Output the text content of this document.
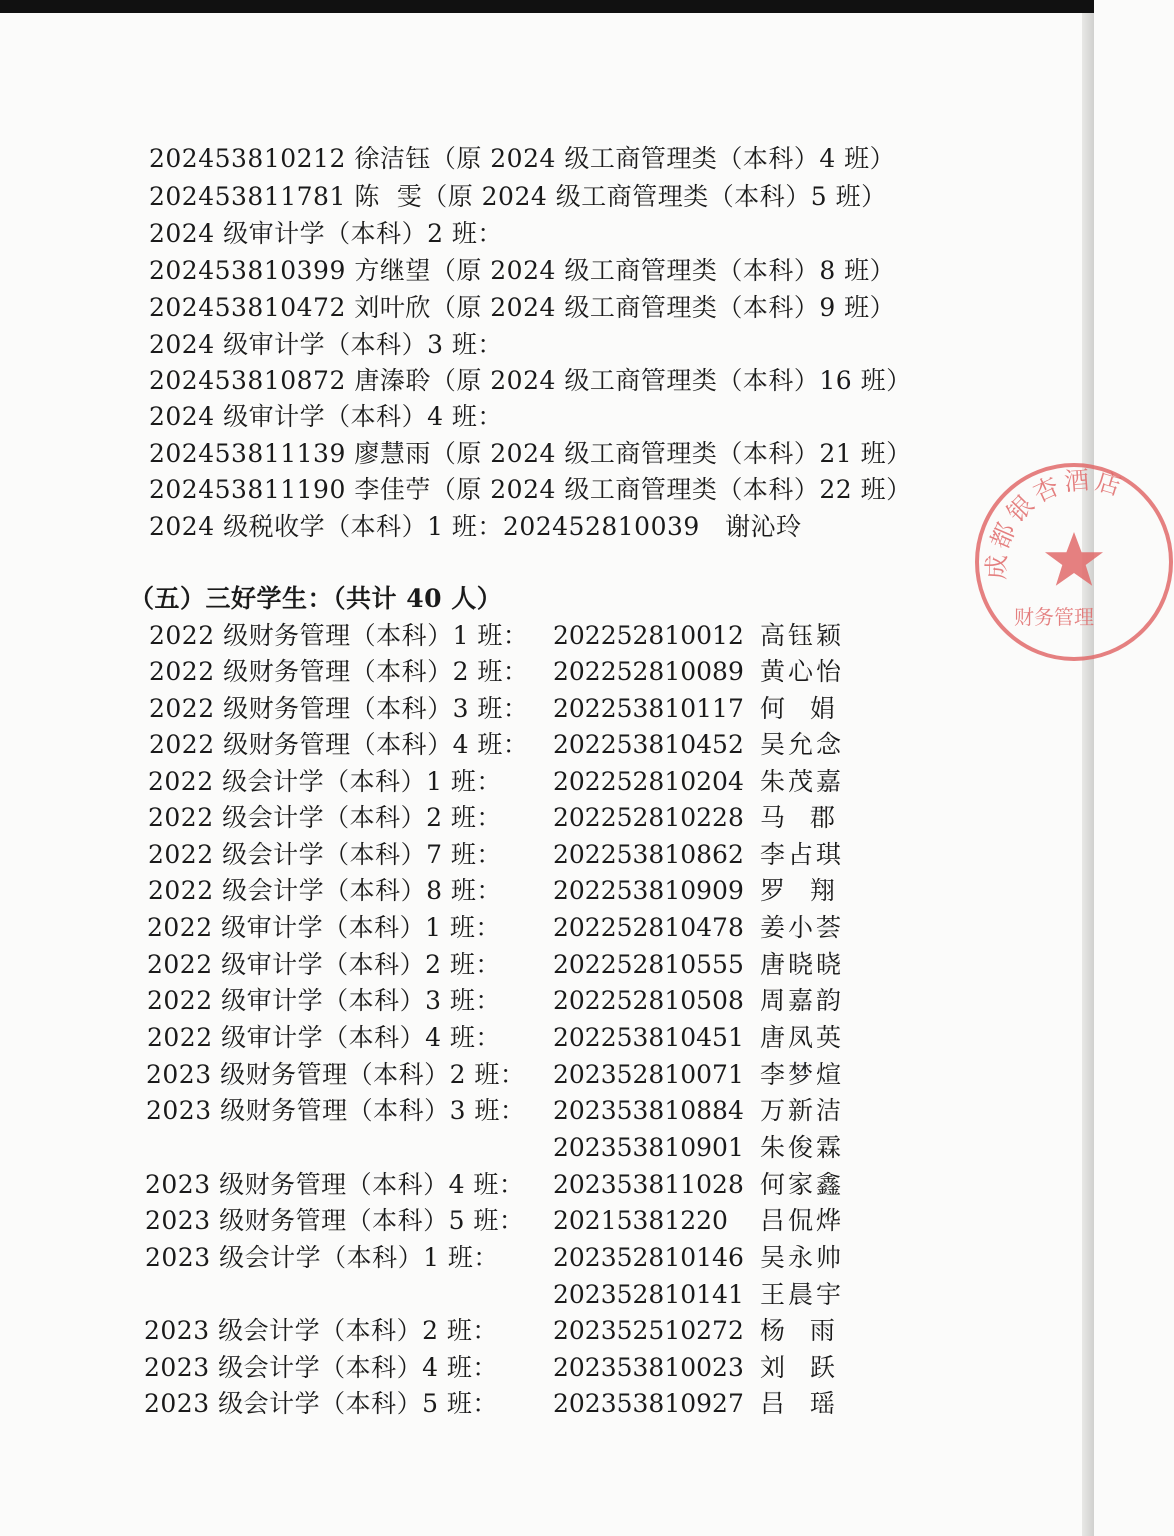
202453810212 徐洁钰（原 2024 级工商管理类（本科）4 班）
202453811781 陈  雯（原 2024 级工商管理类（本科）5 班）
2024 级审计学（本科）2 班：
202453810399 方继望（原 2024 级工商管理类（本科）8 班）
202453810472 刘叶欣（原 2024 级工商管理类（本科）9 班）
2024 级审计学（本科）3 班：
202453810872 唐溱聆（原 2024 级工商管理类（本科）16 班）
2024 级审计学（本科）4 班：
202453811139 廖慧雨（原 2024 级工商管理类（本科）21 班）
202453811190 李佳苧（原 2024 级工商管理类（本科）22 班）
2024 级税收学（本科）1 班：202452810039   谢沁玲
（五）三好学生：（共计 40 人）
2022 级财务管理（本科）1 班： 202252810012 高钰颖
2022 级财务管理（本科）2 班： 202252810089 黄心怡
2022 级财务管理（本科）3 班： 202253810117 何  娟
2022 级财务管理（本科）4 班： 202253810452 吴允念
2022 级会计学（本科）1 班： 202252810204 朱茂嘉
2022 级会计学（本科）2 班： 202252810228 马  郡
2022 级会计学（本科）7 班： 202253810862 李占琪
2022 级会计学（本科）8 班： 202253810909 罗  翔
2022 级审计学（本科）1 班： 202252810478 姜小荟
2022 级审计学（本科）2 班： 202252810555 唐晓晓
2022 级审计学（本科）3 班： 202252810508 周嘉韵
2022 级审计学（本科）4 班： 202253810451 唐凤英
2023 级财务管理（本科）2 班： 202352810071 李梦煊
2023 级财务管理（本科）3 班： 202353810884 万新洁
202353810901 朱俊霖
2023 级财务管理（本科）4 班： 202353811028 何家鑫
2023 级财务管理（本科）5 班： 20215381220 吕侃烨
2023 级会计学（本科）1 班： 202352810146 吴永帅
202352810141 王晨宇
2023 级会计学（本科）2 班： 202352510272 杨  雨
2023 级会计学（本科）4 班： 202353810023 刘  跃
2023 级会计学（本科）5 班： 202353810927 吕  瑶
成都银杏酒店
财务管理
